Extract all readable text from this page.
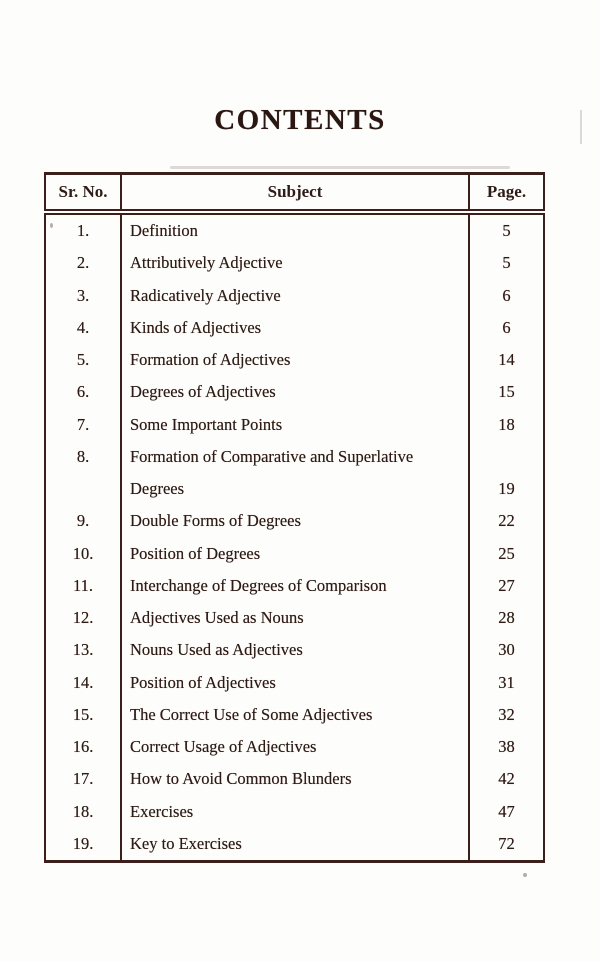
CONTENTS
Sr. No.	Subject	Page.
1.	Definition	5
2.	Attributively Adjective	5
3.	Radicatively Adjective	6
4.	Kinds of Adjectives	6
5.	Formation of Adjectives	14
6.	Degrees of Adjectives	15
7.	Some Important Points	18
8.	Formation of Comparative and Superlative
Degrees	19
9.	Double Forms of Degrees	22
10.	Position of Degrees	25
11.	Interchange of Degrees of Comparison	27
12.	Adjectives Used as Nouns	28
13.	Nouns Used as Adjectives	30
14.	Position of Adjectives	31
15.	The Correct Use of Some Adjectives	32
16.	Correct Usage of Adjectives	38
17.	How to Avoid Common Blunders	42
18.	Exercises	47
19.	Key to Exercises	72
